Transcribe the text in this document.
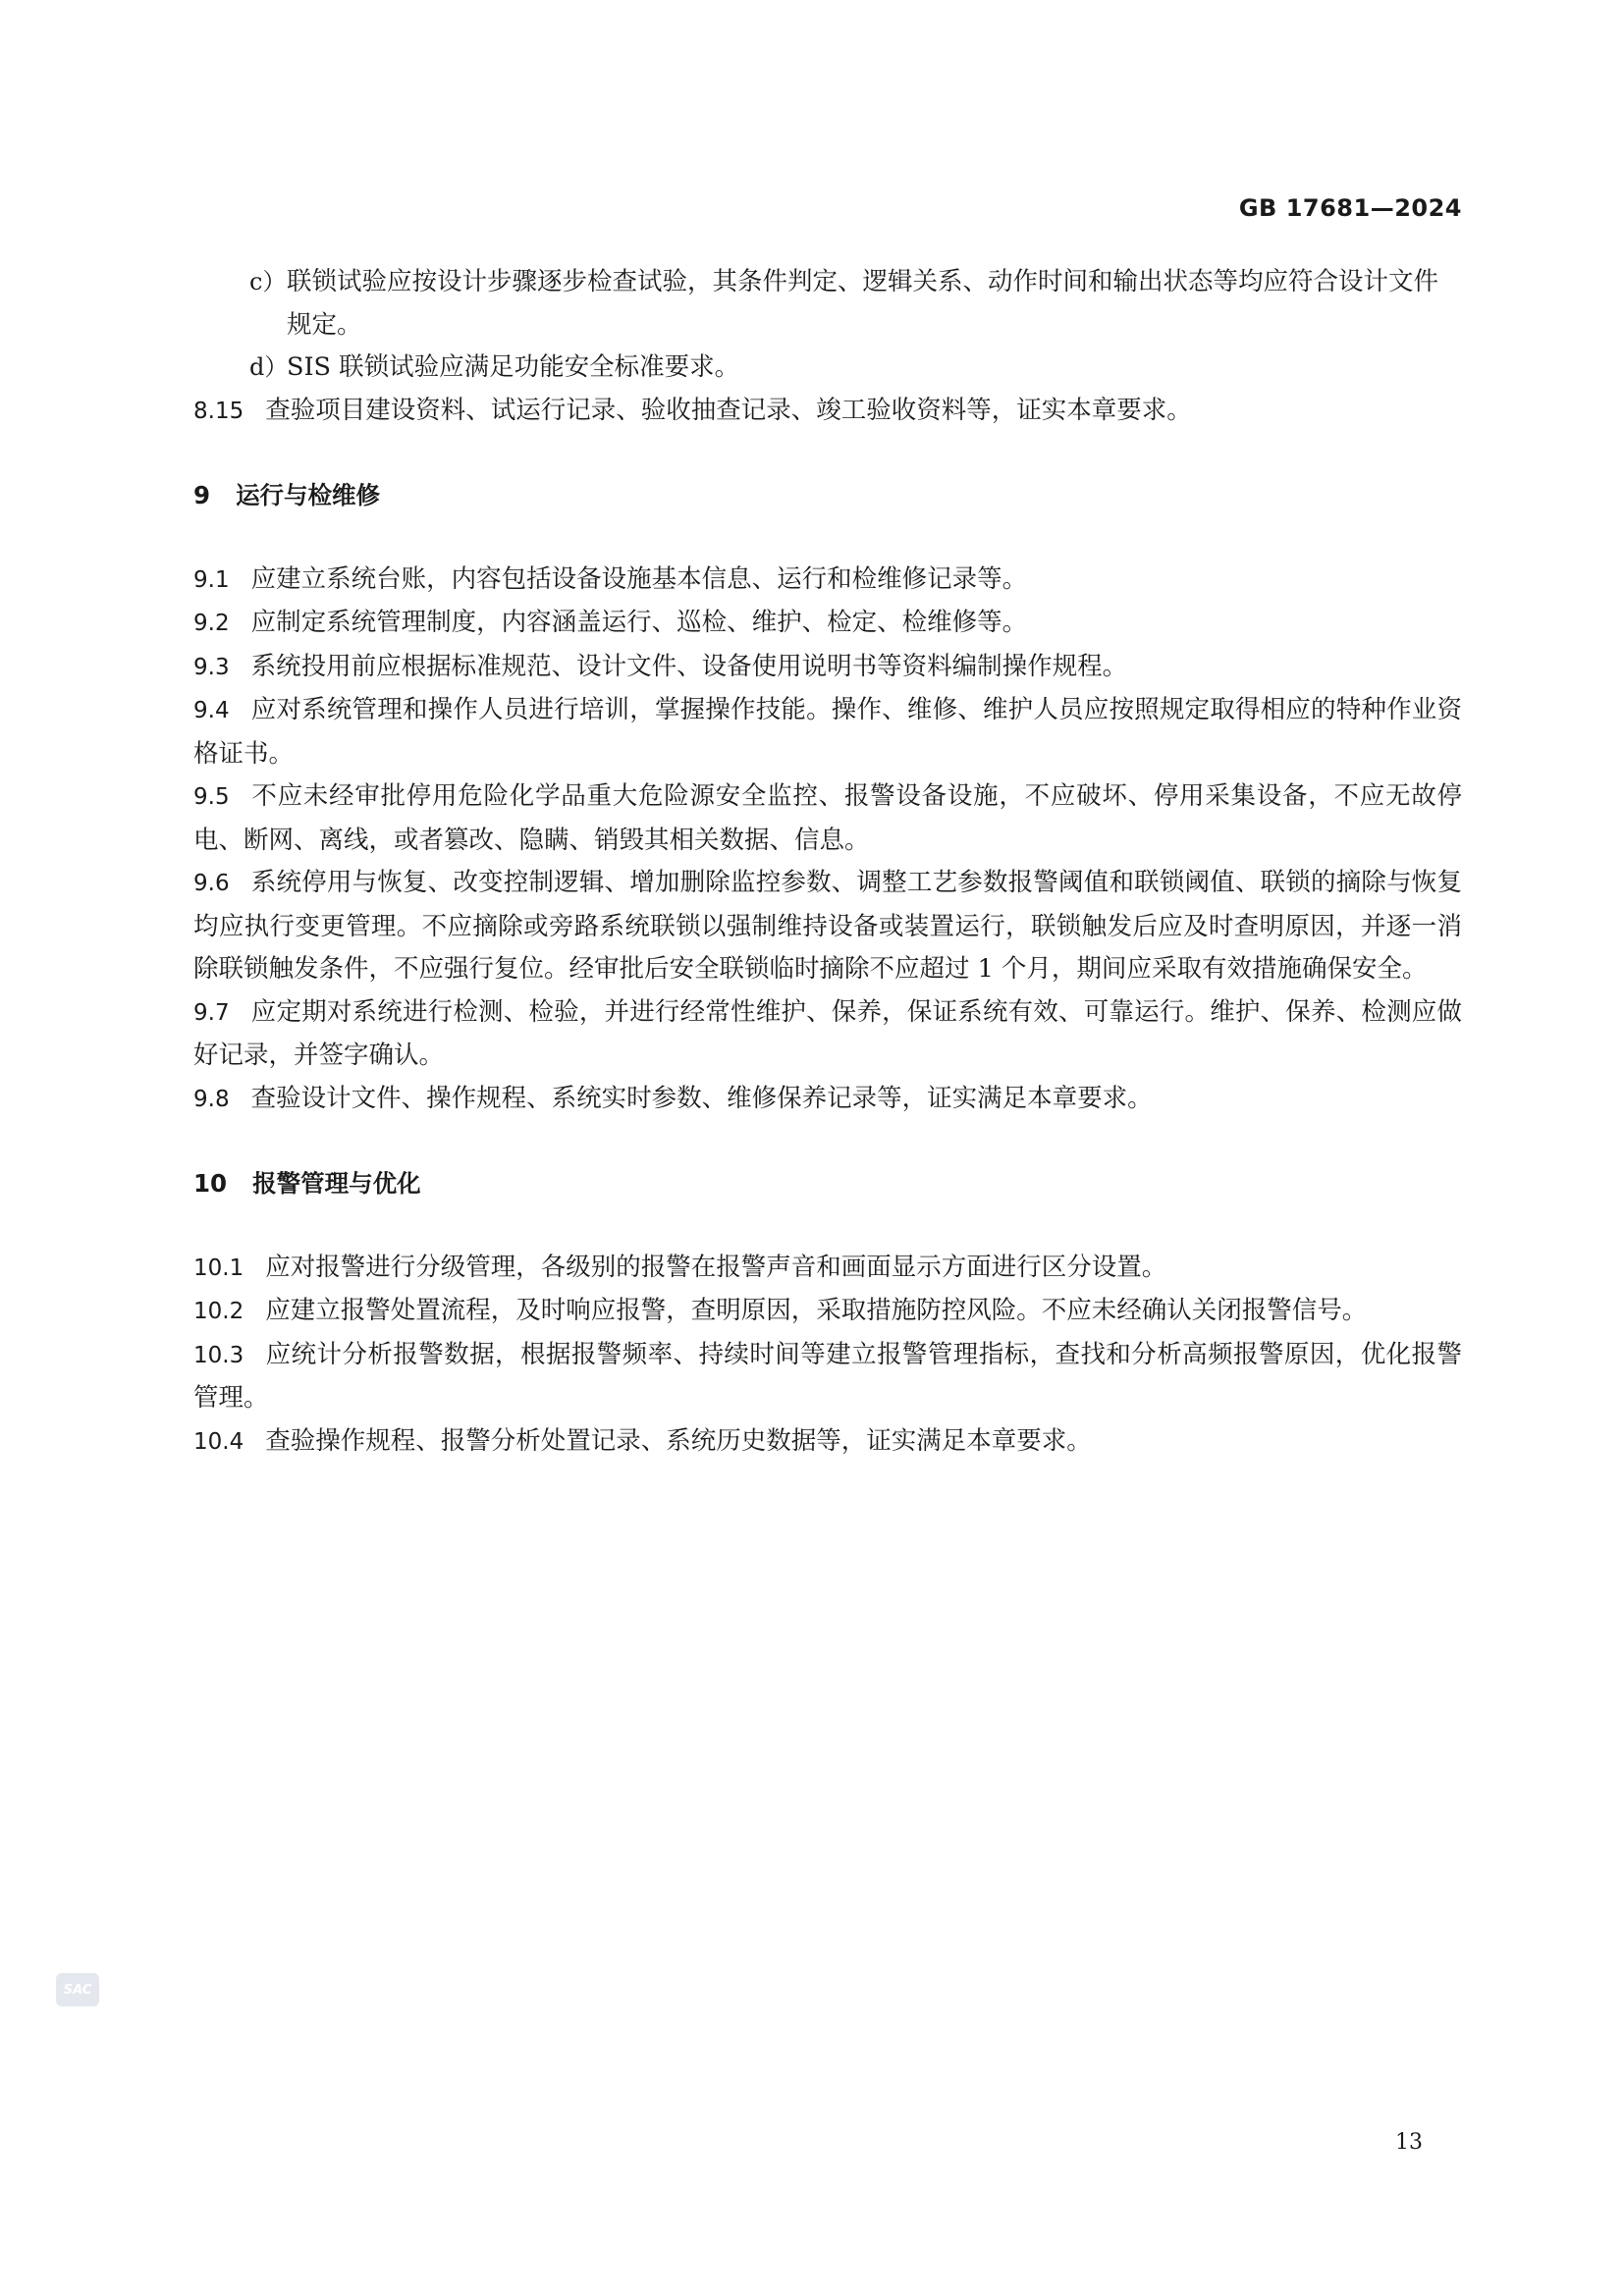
GB 17681—2024

c）联锁试验应按设计步骤逐步检查试验，其条件判定、逻辑关系、动作时间和输出状态等均应符合设计文件规定。

d）SIS 联锁试验应满足功能安全标准要求。

8.15 查验项目建设资料、试运行记录、验收抽查记录、竣工验收资料等，证实本章要求。

9 运行与检维修

9.1 应建立系统台账，内容包括设备设施基本信息、运行和检维修记录等。

9.2 应制定系统管理制度，内容涵盖运行、巡检、维护、检定、检维修等。

9.3 系统投用前应根据标准规范、设计文件、设备使用说明书等资料编制操作规程。

9.4 应对系统管理和操作人员进行培训，掌握操作技能。操作、维修、维护人员应按照规定取得相应的特种作业资格证书。

9.5 不应未经审批停用危险化学品重大危险源安全监控、报警设备设施，不应破坏、停用采集设备，不应无故停电、断网、离线，或者篡改、隐瞒、销毁其相关数据、信息。

9.6 系统停用与恢复、改变控制逻辑、增加删除监控参数、调整工艺参数报警阈值和联锁阈值、联锁的摘除与恢复均应执行变更管理。不应摘除或旁路系统联锁以强制维持设备或装置运行，联锁触发后应及时查明原因，并逐一消除联锁触发条件，不应强行复位。经审批后安全联锁临时摘除不应超过 1 个月，期间应采取有效措施确保安全。

9.7 应定期对系统进行检测、检验，并进行经常性维护、保养，保证系统有效、可靠运行。维护、保养、检测应做好记录，并签字确认。

9.8 查验设计文件、操作规程、系统实时参数、维修保养记录等，证实满足本章要求。

10 报警管理与优化

10.1 应对报警进行分级管理，各级别的报警在报警声音和画面显示方面进行区分设置。

10.2 应建立报警处置流程，及时响应报警，查明原因，采取措施防控风险。不应未经确认关闭报警信号。

10.3 应统计分析报警数据，根据报警频率、持续时间等建立报警管理指标，查找和分析高频报警原因，优化报警管理。

10.4 查验操作规程、报警分析处置记录、系统历史数据等，证实满足本章要求。

SAC
13
